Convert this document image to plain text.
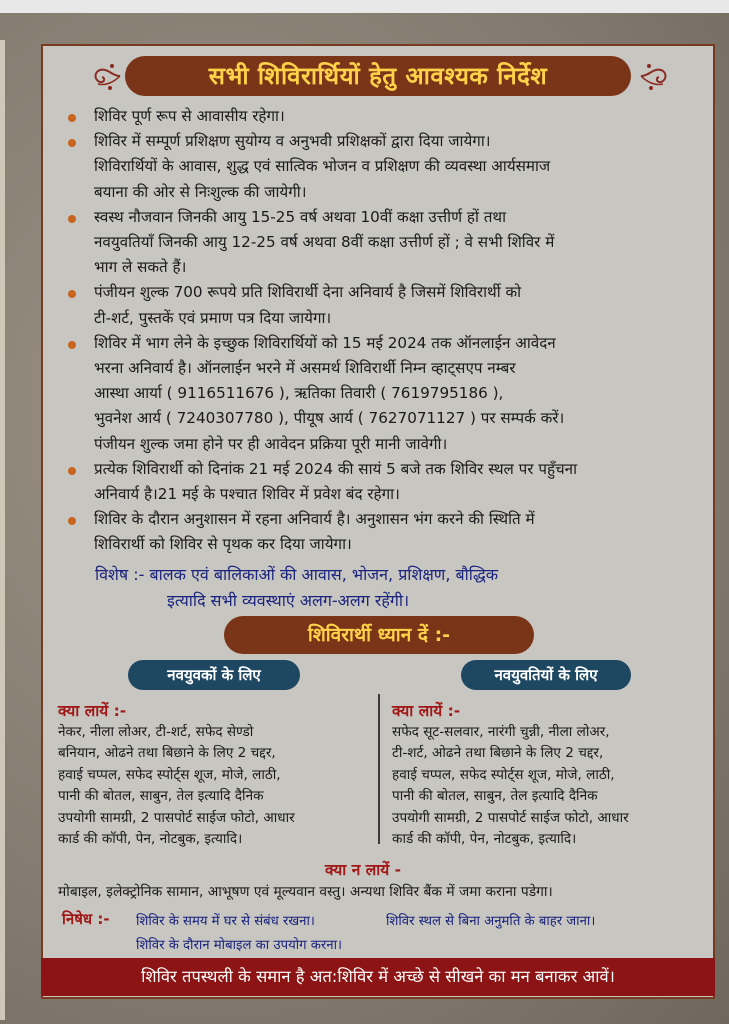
सभी शिविरार्थियों हेतु आवश्यक निर्देश
शिविर पूर्ण रूप से आवासीय रहेगा।
शिविर में सम्पूर्ण प्रशिक्षण सुयोग्य व अनुभवी प्रशिक्षकों द्वारा दिया जायेगा।
शिविरार्थियों के आवास, शुद्ध एवं सात्विक भोजन व प्रशिक्षण की व्यवस्था आर्यसमाज
बयाना की ओर से निःशुल्क की जायेगी।
स्वस्थ नौजवान जिनकी आयु 15-25 वर्ष अथवा 10वीं कक्षा उत्तीर्ण हों तथा
नवयुवतियाँ जिनकी आयु 12-25 वर्ष अथवा 8वीं कक्षा उत्तीर्ण हों ; वे सभी शिविर में
भाग ले सकते हैं।
पंजीयन शुल्क 700 रूपये प्रति शिविरार्थी देना अनिवार्य है जिसमें शिविरार्थी को
टी-शर्ट, पुस्तकें एवं प्रमाण पत्र दिया जायेगा।
शिविर में भाग लेने के इच्छुक शिविरार्थियों को 15 मई 2024 तक ऑनलाईन आवेदन
भरना अनिवार्य है। ऑनलाईन भरने में असमर्थ शिविरार्थी निम्न व्हाट्सएप नम्बर
आस्था आर्या ( 9116511676 ), ऋतिका तिवारी ( 7619795186 ),
भुवनेश आर्य ( 7240307780 ), पीयूष आर्य ( 7627071127 ) पर सम्पर्क करें।
पंजीयन शुल्क जमा होने पर ही आवेदन प्रक्रिया पूरी मानी जावेगी।
प्रत्येक शिविरार्थी को दिनांक 21 मई 2024 की सायं 5 बजे तक शिविर स्थल पर पहुँचना
अनिवार्य है।21 मई के पश्चात शिविर में प्रवेश बंद रहेगा।
शिविर के दौरान अनुशासन में रहना अनिवार्य है। अनुशासन भंग करने की स्थिति में
शिविरार्थी को शिविर से पृथक कर दिया जायेगा।
विशेष :- बालक एवं बालिकाओं की आवास, भोजन, प्रशिक्षण, बौद्धिक
इत्यादि सभी व्यवस्थाएं अलग-अलग रहेंगी।
शिविरार्थी ध्यान दें :-
नवयुवकों के लिए	नवयुवतियों के लिए
क्या लायें :-
नेकर, नीला लोअर, टी-शर्ट, सफेद सेण्डो
बनियान, ओढने तथा बिछाने के लिए 2 चद्दर,
हवाई चप्पल, सफेद स्पोर्ट्स शूज, मोजे, लाठी,
पानी की बोतल, साबुन, तेल इत्यादि दैनिक
उपयोगी सामग्री, 2 पासपोर्ट साईज फोटो, आधार
कार्ड की कॉपी, पेन, नोटबुक, इत्यादि।
क्या लायें :-
सफेद सूट-सलवार, नारंगी चुन्नी, नीला लोअर,
टी-शर्ट, ओढने तथा बिछाने के लिए 2 चद्दर,
हवाई चप्पल, सफेद स्पोर्ट्स शूज, मोजे, लाठी,
पानी की बोतल, साबुन, तेल इत्यादि दैनिक
उपयोगी सामग्री, 2 पासपोर्ट साईज फोटो, आधार
कार्ड की कॉपी, पेन, नोटबुक, इत्यादि।
क्या न लायें -
मोबाइल, इलेक्ट्रोनिक सामान, आभूषण एवं मूल्यवान वस्तु। अन्यथा शिविर बैंक में जमा कराना पडेगा।
निषेध :- शिविर के समय में घर से संबंध रखना।	शिविर स्थल से बिना अनुमति के बाहर जाना।
शिविर के दौरान मोबाइल का उपयोग करना।
शिविर तपस्थली के समान है अत:शिविर में अच्छे से सीखने का मन बनाकर आवें।
